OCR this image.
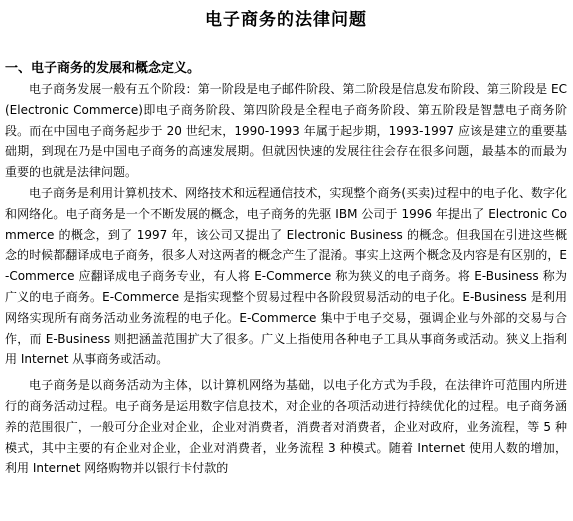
电子商务的法律问题
一、电子商务的发展和概念定义。

电子商务发展一般有五个阶段：第一阶段是电子邮件阶段、第二阶段是信息发布阶段、第三阶段是 EC(Electronic Commerce)即电子商务阶段、第四阶段是全程电子商务阶段、第五阶段是智慧电子商务阶段。而在中国电子商务起步于 20 世纪末，1990-1993 年属于起步期，1993-1997 应该是建立的重要基础期，到现在乃是中国电子商务的高速发展期。但就因快速的发展往往会存在很多问题，最基本的而最为重要的也就是法律问题。

电子商务是利用计算机技术、网络技术和远程通信技术，实现整个商务(买卖)过程中的电子化、数字化和网络化。电子商务是一个不断发展的概念，电子商务的先驱 IBM 公司于 1996 年提出了 Electronic Commerce 的概念，到了 1997 年，该公司又提出了 Electronic Business 的概念。但我国在引进这些概念的时候都翻译成电子商务，很多人对这两者的概念产生了混淆。事实上这两个概念及内容是有区别的，E-Commerce 应翻译成电子商务专业，有人将 E-Commerce 称为狭义的电子商务。将 E-Business 称为广义的电子商务。E-Commerce 是指实现整个贸易过程中各阶段贸易活动的电子化。E-Business 是利用网络实现所有商务活动业务流程的电子化。E-Commerce 集中于电子交易，强调企业与外部的交易与合作，而 E-Business 则把涵盖范围扩大了很多。广义上指使用各种电子工具从事商务或活动。狭义上指利用 Internet 从事商务或活动。

电子商务是以商务活动为主体，以计算机网络为基础，以电子化方式为手段，在法律许可范围内所进行的商务活动过程。电子商务是运用数字信息技术，对企业的各项活动进行持续优化的过程。电子商务涵养的范围很广，一般可分企业对企业，企业对消费者，消费者对消费者，企业对政府，业务流程，等 5 种模式，其中主要的有企业对企业，企业对消费者，业务流程 3 种模式。随着 Internet 使用人数的增加，利用 Internet 网络购物并以银行卡付款的
